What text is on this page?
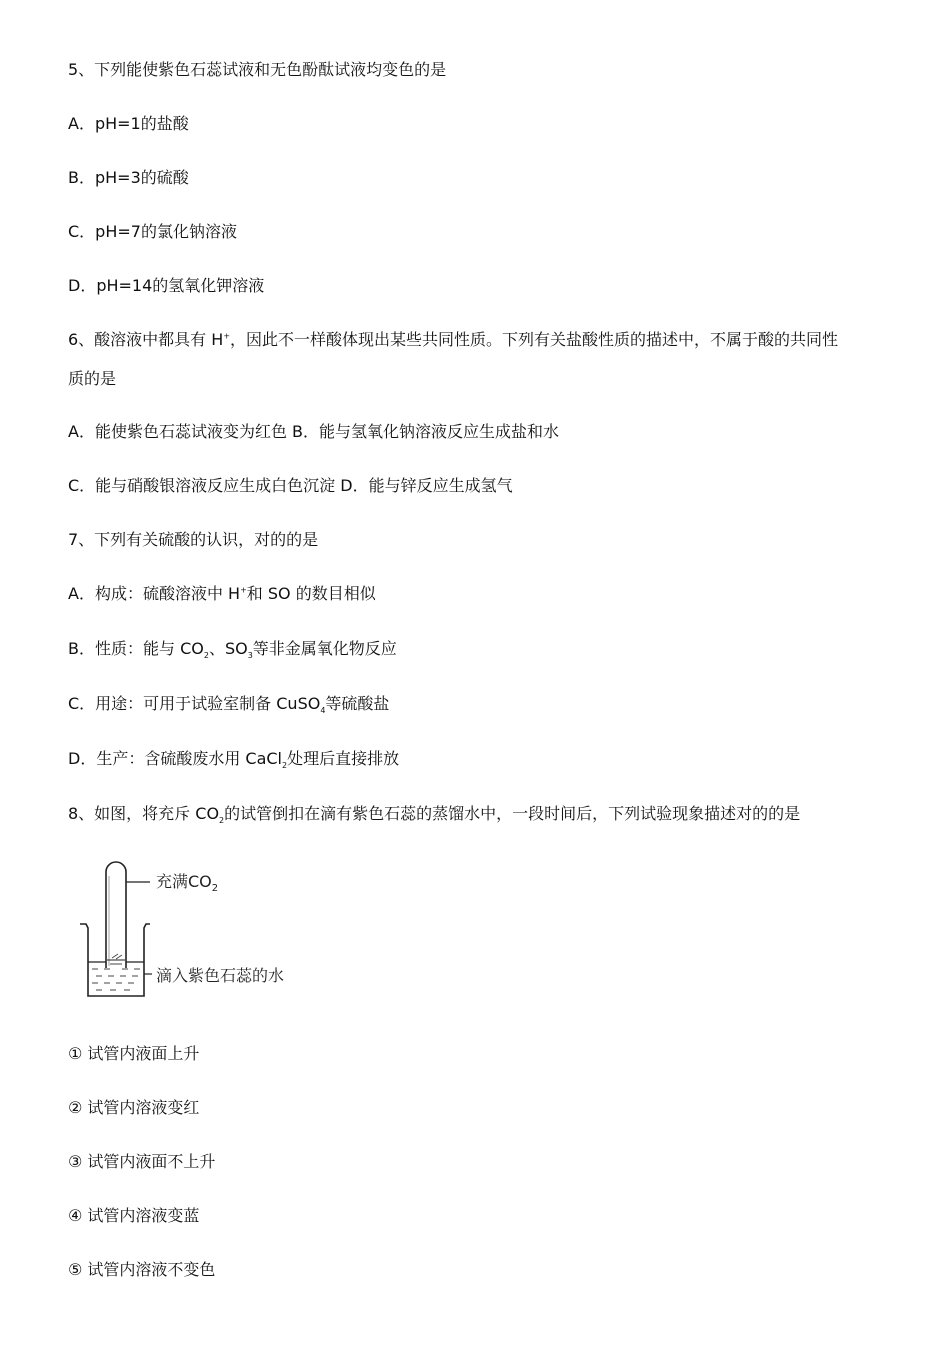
5、下列能使紫色石蕊试液和无色酚酞试液均变色的是
A．pH=1的盐酸
B．pH=3的硫酸
C．pH=7的氯化钠溶液
D．pH=14的氢氧化钾溶液
6、酸溶液中都具有 H+，因此不一样酸体现出某些共同性质。下列有关盐酸性质的描述中，不属于酸的共同性
质的是
A．能使紫色石蕊试液变为红色 B．能与氢氧化钠溶液反应生成盐和水
C．能与硝酸银溶液反应生成白色沉淀 D．能与锌反应生成氢气
7、下列有关硫酸的认识，对的的是
A．构成：硫酸溶液中 H+和 SO 的数目相似
B．性质：能与 $CO_2$、$SO_3$等非金属氧化物反应
C．用途：可用于试验室制备 CuSO$_4$等硫酸盐
D．生产：含硫酸废水用 CaCl$_2$处理后直接排放
8、如图，将充斥 $CO_2$的试管倒扣在滴有紫色石蕊的蒸馏水中，一段时间后，下列试验现象描述对的的是
充满$CO_2$
滴入紫色石蕊的水
① 试管内液面上升
② 试管内溶液变红
③ 试管内液面不上升
④ 试管内溶液变蓝
⑤ 试管内溶液不变色
